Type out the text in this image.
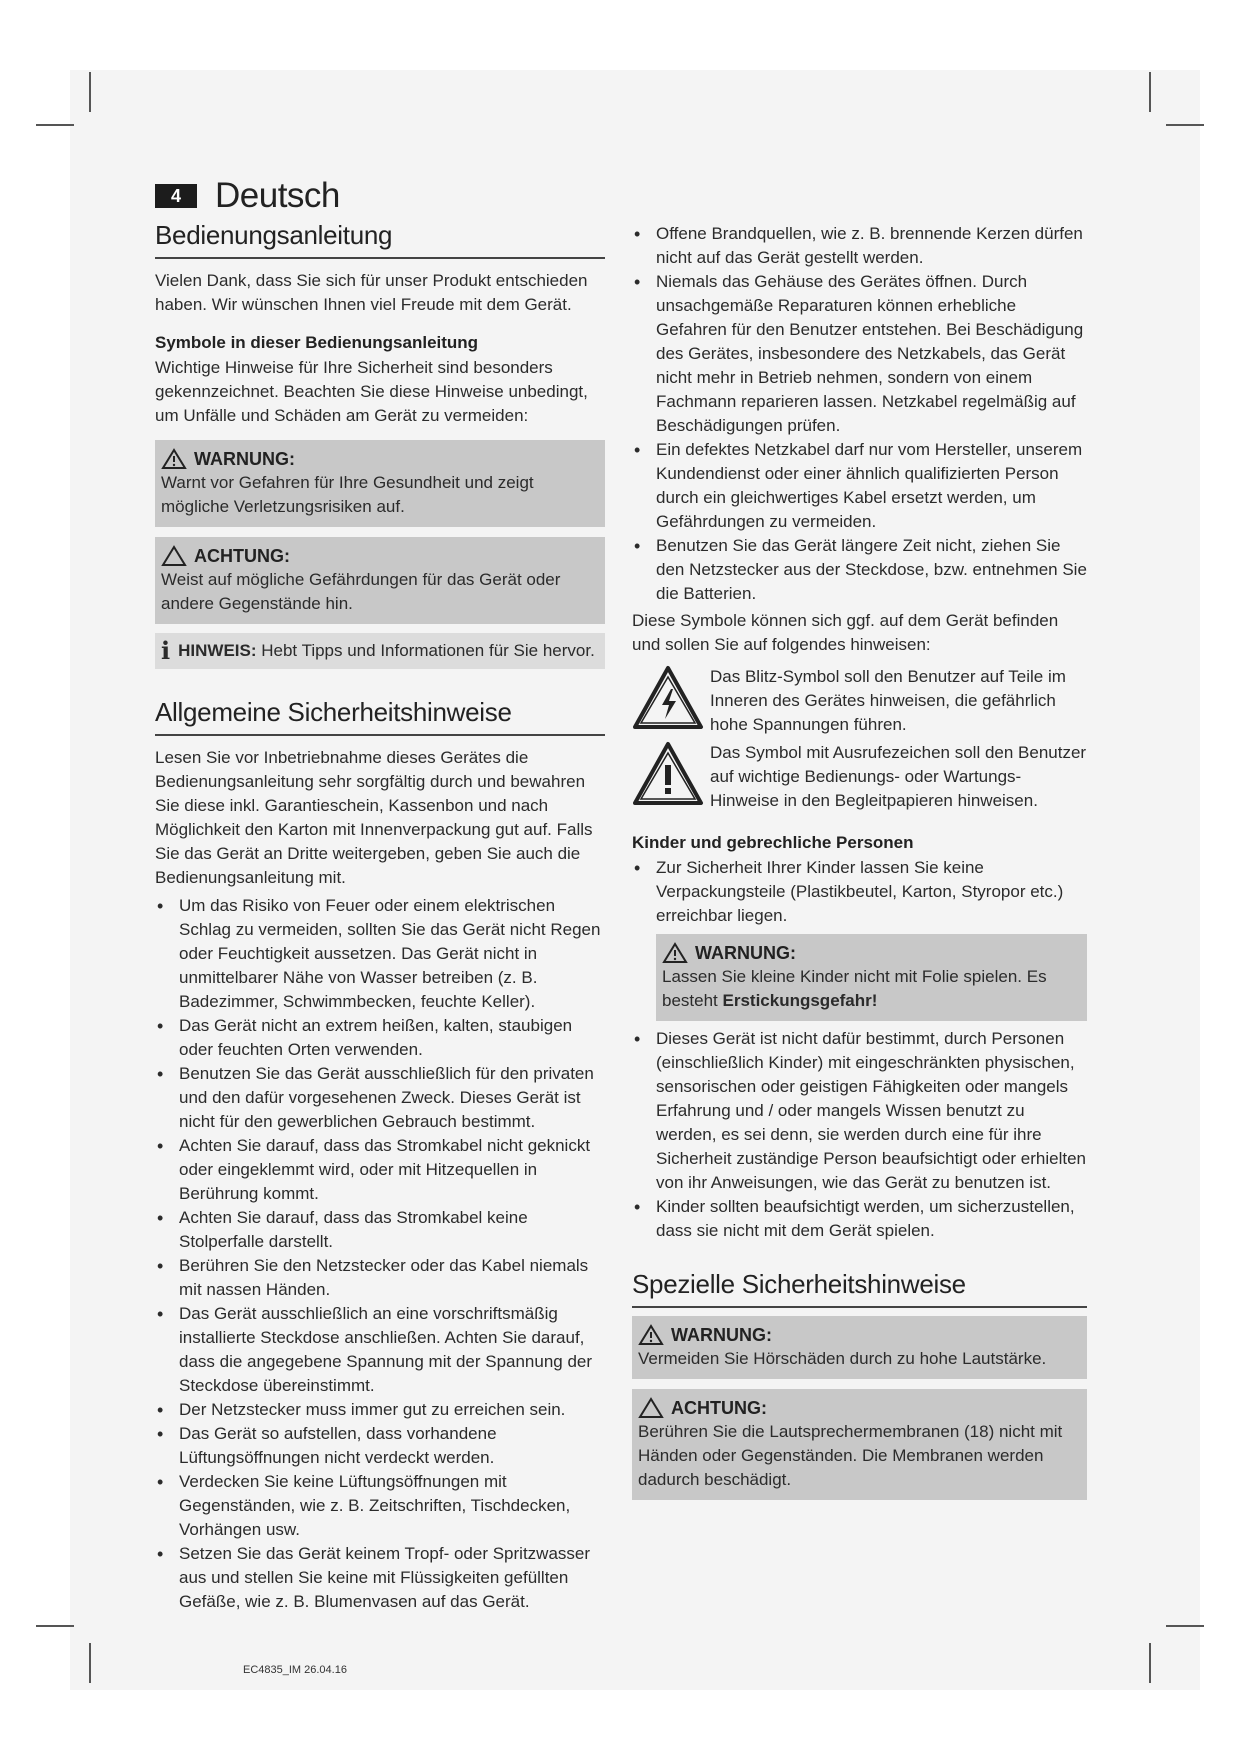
4 Deutsch
Bedienungsanleitung

Vielen Dank, dass Sie sich für unser Produkt entschieden haben. Wir wünschen Ihnen viel Freude mit dem Gerät.

Symbole in dieser Bedienungsanleitung

Wichtige Hinweise für Ihre Sicherheit sind besonders gekennzeichnet. Beachten Sie diese Hinweise unbedingt, um Unfälle und Schäden am Gerät zu vermeiden:

WARNUNG:
Warnt vor Gefahren für Ihre Gesundheit und zeigt mögliche Verletzungsrisiken auf.
ACHTUNG:
Weist auf mögliche Gefährdungen für das Gerät oder andere Gegenstände hin.
i HINWEIS: Hebt Tipps und Informationen für Sie hervor.
Allgemeine Sicherheitshinweise

Lesen Sie vor Inbetriebnahme dieses Gerätes die Bedienungsanleitung sehr sorgfältig durch und bewahren Sie diese inkl. Garantieschein, Kassenbon und nach Möglichkeit den Karton mit Innenverpackung gut auf. Falls Sie das Gerät an Dritte weitergeben, geben Sie auch die Bedienungsanleitung mit.

• Um das Risiko von Feuer oder einem elektrischen Schlag zu vermeiden, sollten Sie das Gerät nicht Regen oder Feuchtigkeit aussetzen. Das Gerät nicht in unmittelbarer Nähe von Wasser betreiben (z. B. Badezimmer, Schwimmbecken, feuchte Keller).
• Das Gerät nicht an extrem heißen, kalten, staubigen oder feuchten Orten verwenden.
• Benutzen Sie das Gerät ausschließlich für den privaten und den dafür vorgesehenen Zweck. Dieses Gerät ist nicht für den gewerblichen Gebrauch bestimmt.
• Achten Sie darauf, dass das Stromkabel nicht geknickt oder eingeklemmt wird, oder mit Hitzequellen in Berührung kommt.
• Achten Sie darauf, dass das Stromkabel keine Stolperfalle darstellt.
• Berühren Sie den Netzstecker oder das Kabel niemals mit nassen Händen.
• Das Gerät ausschließlich an eine vorschriftsmäßig installierte Steckdose anschließen. Achten Sie darauf, dass die angegebene Spannung mit der Spannung der Steckdose übereinstimmt.
• Der Netzstecker muss immer gut zu erreichen sein.
• Das Gerät so aufstellen, dass vorhandene Lüftungsöffnungen nicht verdeckt werden.
• Verdecken Sie keine Lüftungsöffnungen mit Gegenständen, wie z. B. Zeitschriften, Tischdecken, Vorhängen usw.
• Setzen Sie das Gerät keinem Tropf- oder Spritzwasser aus und stellen Sie keine mit Flüssigkeiten gefüllten Gefäße, wie z. B. Blumenvasen auf das Gerät.
• Offene Brandquellen, wie z. B. brennende Kerzen dürfen nicht auf das Gerät gestellt werden.
• Niemals das Gehäuse des Gerätes öffnen. Durch unsachgemäße Reparaturen können erhebliche Gefahren für den Benutzer entstehen. Bei Beschädigung des Gerätes, insbesondere des Netzkabels, das Gerät nicht mehr in Betrieb nehmen, sondern von einem Fachmann reparieren lassen. Netzkabel regelmäßig auf Beschädigungen prüfen.
• Ein defektes Netzkabel darf nur vom Hersteller, unserem Kundendienst oder einer ähnlich qualifizierten Person durch ein gleichwertiges Kabel ersetzt werden, um Gefährdungen zu vermeiden.
• Benutzen Sie das Gerät längere Zeit nicht, ziehen Sie den Netzstecker aus der Steckdose, bzw. entnehmen Sie die Batterien.

Diese Symbole können sich ggf. auf dem Gerät befinden und sollen Sie auf folgendes hinweisen:

Das Blitz-Symbol soll den Benutzer auf Teile im Inneren des Gerätes hinweisen, die gefährlich hohe Spannungen führen.

Das Symbol mit Ausrufezeichen soll den Benutzer auf wichtige Bedienungs- oder Wartungs-Hinweise in den Begleitpapieren hinweisen.

Kinder und gebrechliche Personen
• Zur Sicherheit Ihrer Kinder lassen Sie keine Verpackungsteile (Plastikbeutel, Karton, Styropor etc.) erreichbar liegen.
WARNUNG:
Lassen Sie kleine Kinder nicht mit Folie spielen. Es besteht Erstickungsgefahr!
• Dieses Gerät ist nicht dafür bestimmt, durch Personen (einschließlich Kinder) mit eingeschränkten physischen, sensorischen oder geistigen Fähigkeiten oder mangels Erfahrung und / oder mangels Wissen benutzt zu werden, es sei denn, sie werden durch eine für ihre Sicherheit zuständige Person beaufsichtigt oder erhielten von ihr Anweisungen, wie das Gerät zu benutzen ist.
• Kinder sollten beaufsichtigt werden, um sicherzustellen, dass sie nicht mit dem Gerät spielen.
Spezielle Sicherheitshinweise
WARNUNG:
Vermeiden Sie Hörschäden durch zu hohe Lautstärke.
ACHTUNG:
Berühren Sie die Lautsprechermembranen (18) nicht mit Händen oder Gegenständen. Die Membranen werden dadurch beschädigt.
EC4835_IM 26.04.16
